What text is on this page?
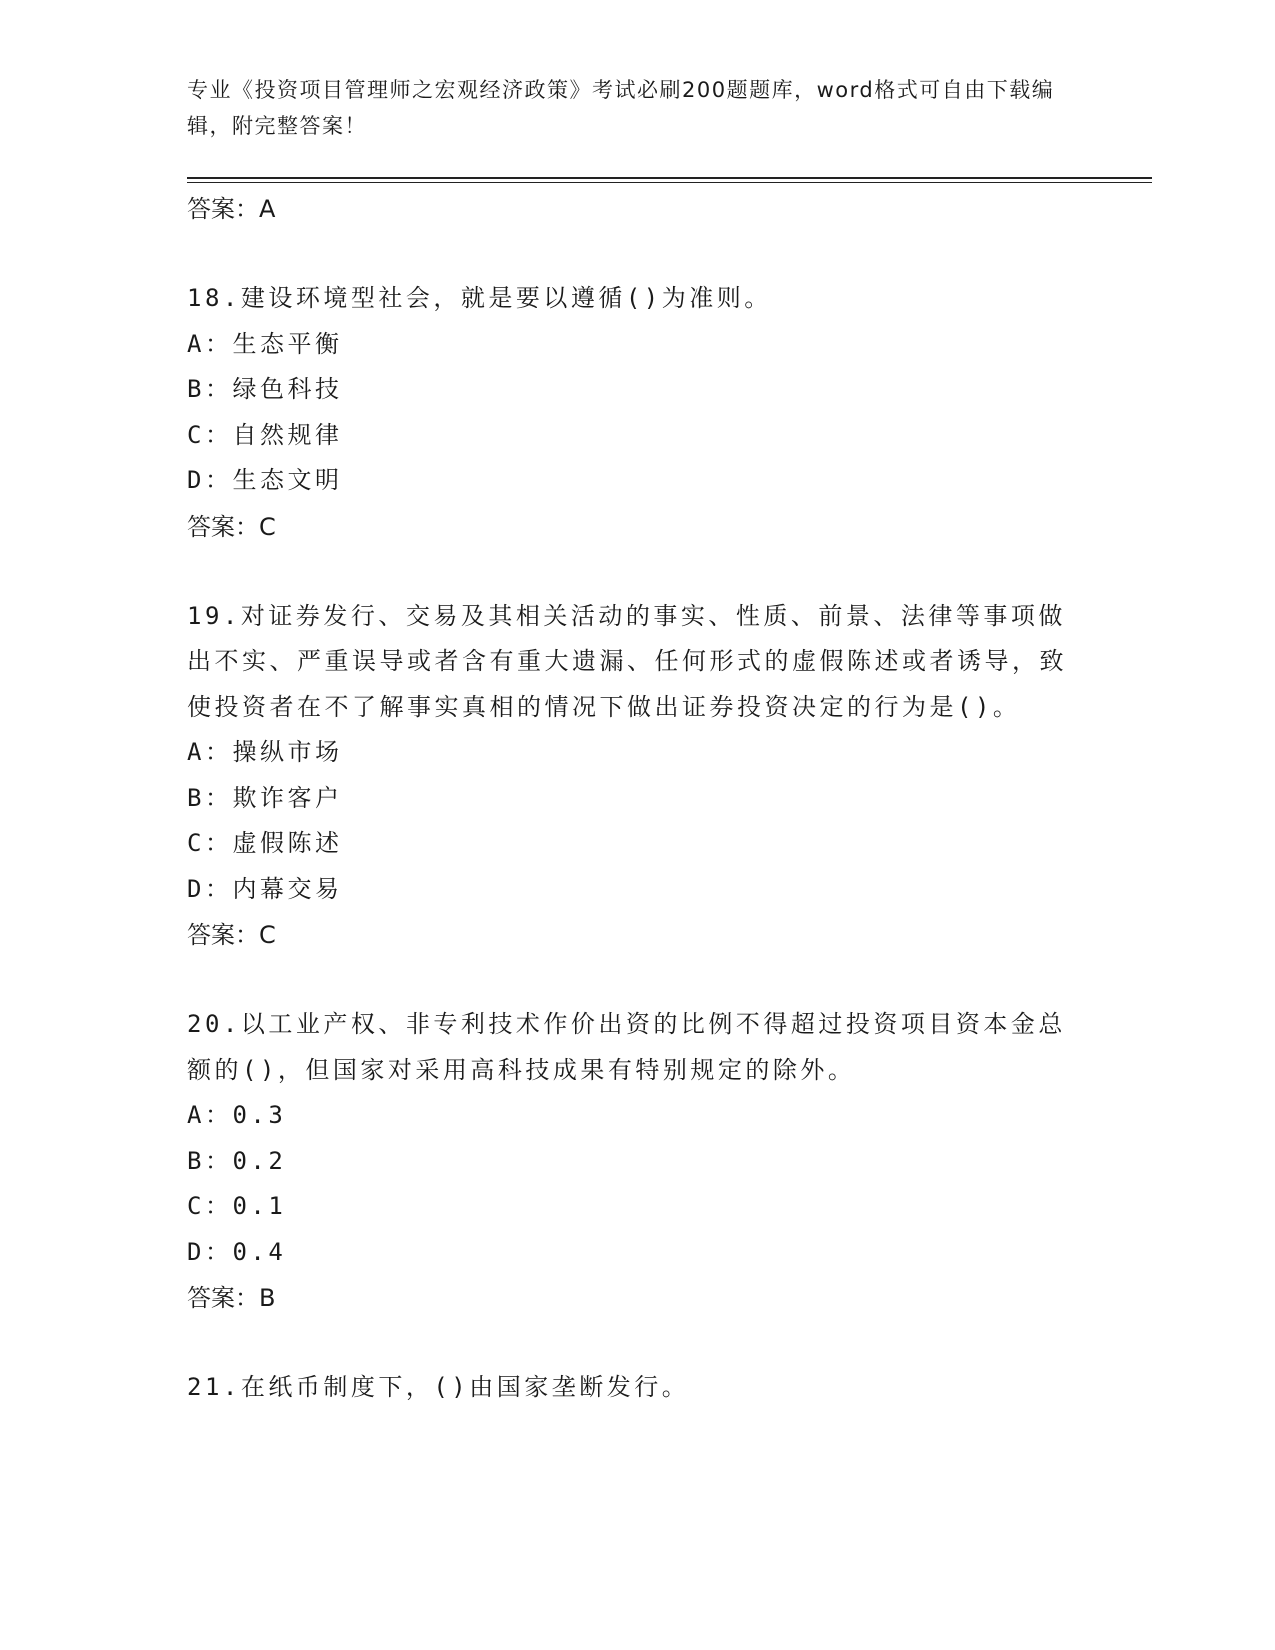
专业《投资项目管理师之宏观经济政策》考试必刷200题题库，word格式可自由下载编辑，附完整答案！
答案：A

18.建设环境型社会，就是要以遵循()为准则。

A：生态平衡
B：绿色科技
C：自然规律
D：生态文明
答案：C

19.对证券发行、交易及其相关活动的事实、性质、前景、法律等事项做出不实、严重误导或者含有重大遗漏、任何形式的虚假陈述或者诱导，致使投资者在不了解事实真相的情况下做出证券投资决定的行为是()。

A：操纵市场
B：欺诈客户
C：虚假陈述
D：内幕交易
答案：C

20.以工业产权、非专利技术作价出资的比例不得超过投资项目资本金总额的()，但国家对采用高科技成果有特别规定的除外。

A：0.3
B：0.2
C：0.1
D：0.4
答案：B

21.在纸币制度下，()由国家垄断发行。
